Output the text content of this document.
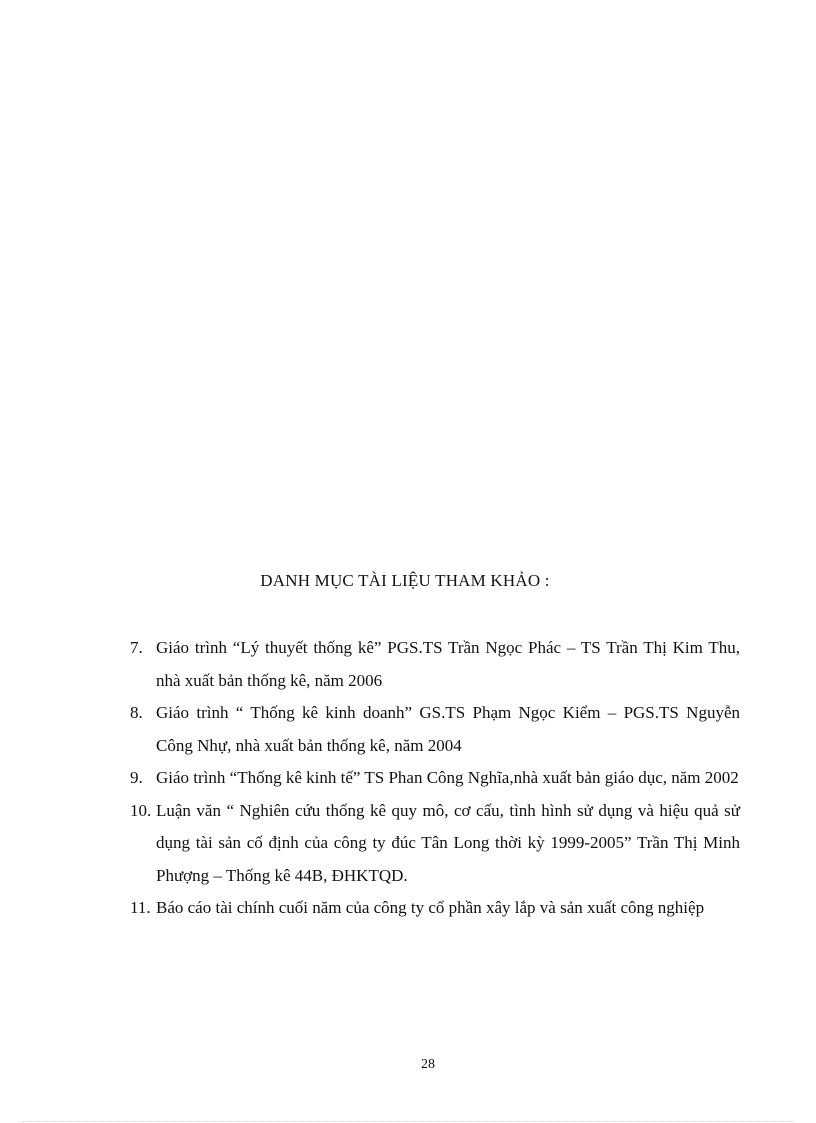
DANH MỤC TÀI LIỆU THAM KHẢO :
7. Giáo trình “Lý thuyết thống kê” PGS.TS Trần Ngọc Phác – TS Trần Thị Kim Thu, nhà xuất bản thống kê, năm 2006
8. Giáo trình “ Thống kê kinh doanh” GS.TS Phạm Ngọc Kiểm – PGS.TS Nguyễn Công Nhự, nhà xuất bản thống kê, năm 2004
9. Giáo trình “Thống kê kinh tế” TS Phan Công Nghĩa,nhà xuất bản giáo dục, năm 2002
10. Luận văn “ Nghiên cứu thống kê quy mô, cơ cấu, tình hình sử dụng và hiệu quả sử dụng tài sản cố định của công ty đúc Tân Long thời kỳ 1999-2005” Trần Thị Minh Phượng – Thống kê 44B, ĐHKTQD.
11. Báo cáo tài chính cuối năm của công ty cổ phần xây lắp và sản xuất công nghiệp
28
